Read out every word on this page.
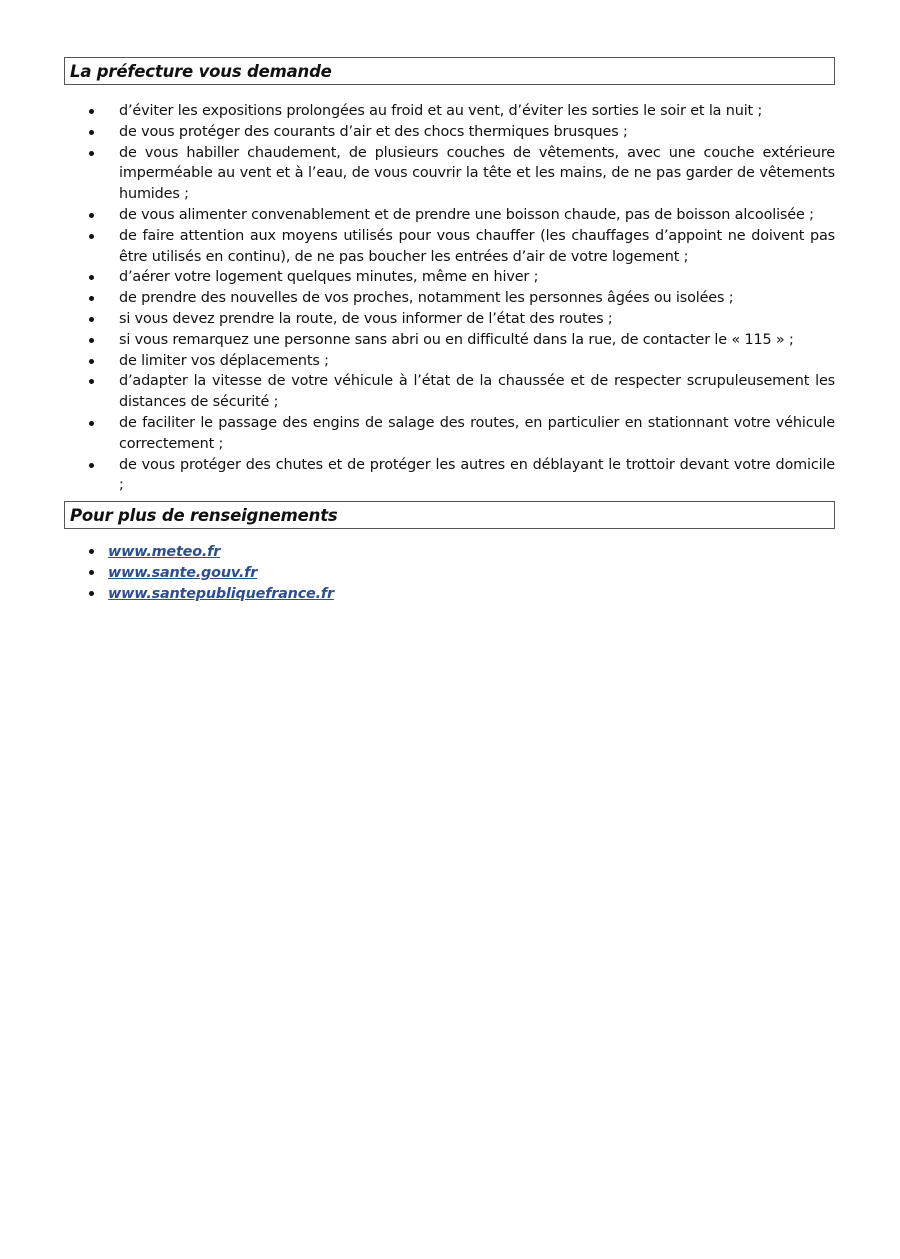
La préfecture vous demande
d’éviter les expositions prolongées au froid et au vent, d’éviter les sorties le soir et la nuit ;
de vous protéger des courants d’air et des chocs thermiques brusques ;
de vous habiller chaudement, de plusieurs couches de vêtements, avec une couche extérieure imperméable au vent et à l’eau, de vous couvrir la tête et les mains, de ne pas garder de vêtements humides ;
de vous alimenter convenablement et de prendre une boisson chaude, pas de boisson alcoolisée ;
de faire attention aux moyens utilisés pour vous chauffer (les chauffages d’appoint ne doivent pas être utilisés en continu), de ne pas boucher les entrées d’air de votre logement ;
d’aérer votre logement quelques minutes, même en hiver ;
de prendre des nouvelles de vos proches, notamment les personnes âgées ou isolées ;
si vous devez prendre la route, de vous informer de l’état des routes ;
si vous remarquez une personne sans abri ou en difficulté dans la rue, de contacter le « 115 » ;
de limiter vos déplacements ;
d’adapter la vitesse de votre véhicule à l’état de la chaussée et de respecter scrupuleusement les distances de sécurité ;
de faciliter le passage des engins de salage des routes, en particulier en stationnant votre véhicule correctement ;
de vous protéger des chutes et de protéger les autres en déblayant le trottoir devant votre domicile ;
Pour plus de renseignements
www.meteo.fr
www.sante.gouv.fr
www.santepubliquefrance.fr
